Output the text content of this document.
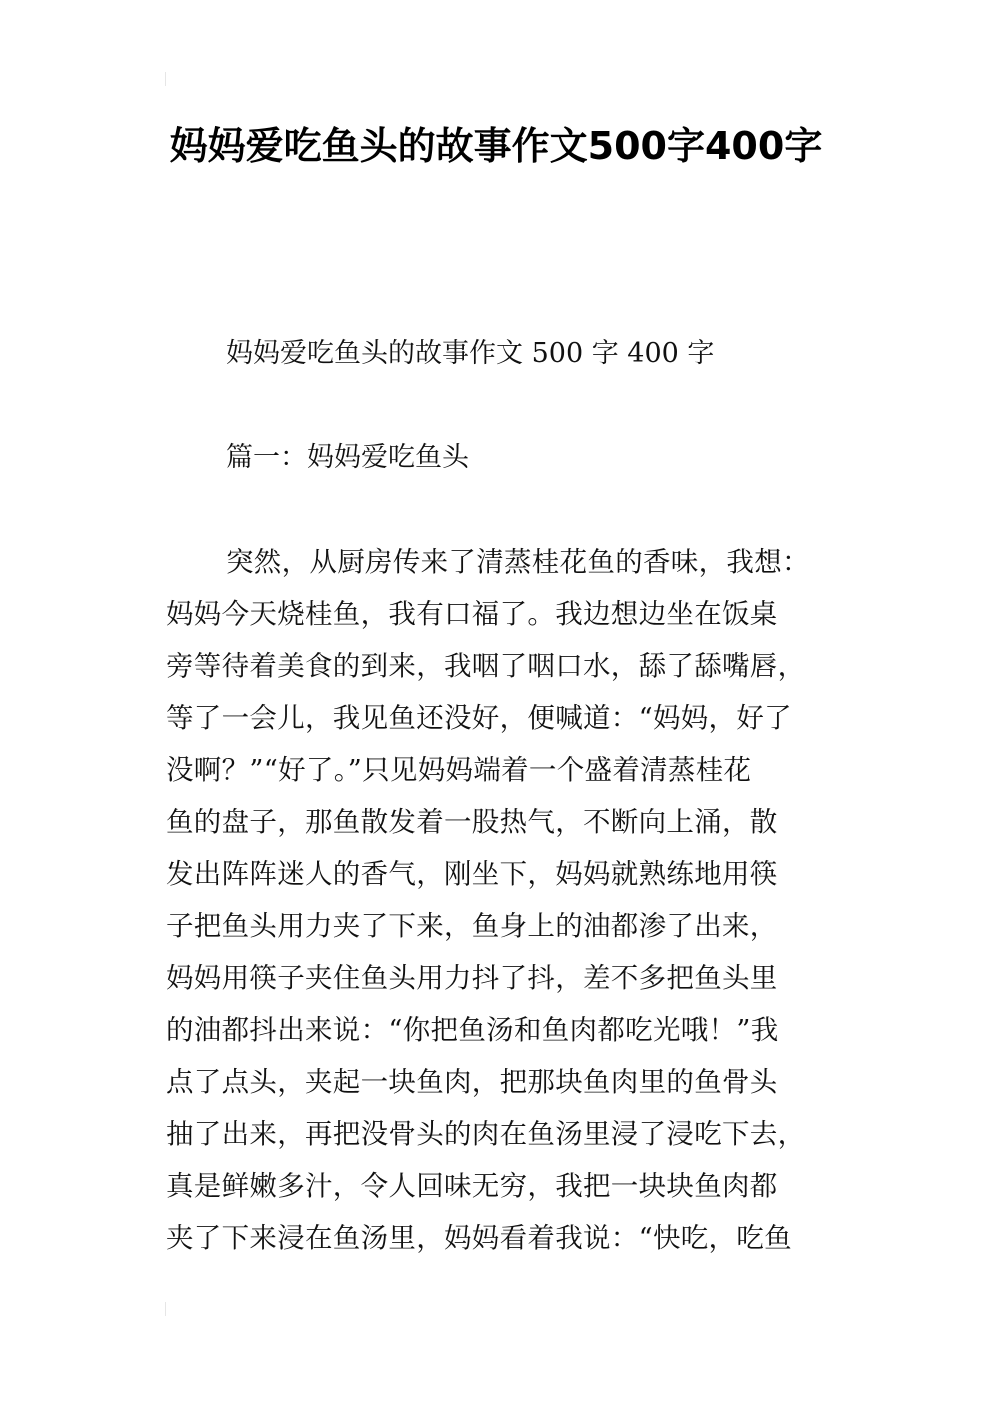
妈妈爱吃鱼头的故事作文500字400字
妈妈爱吃鱼头的故事作文 500 字 400 字
篇一：妈妈爱吃鱼头
突然，从厨房传来了清蒸桂花鱼的香味，我想：
妈妈今天烧桂鱼，我有口福了。我边想边坐在饭桌
旁等待着美食的到来，我咽了咽口水，舔了舔嘴唇，
等了一会儿，我见鱼还没好，便喊道：“妈妈，好了
没啊？”“好了。”只见妈妈端着一个盛着清蒸桂花
鱼的盘子，那鱼散发着一股热气，不断向上涌，散
发出阵阵迷人的香气，刚坐下，妈妈就熟练地用筷
子把鱼头用力夹了下来，鱼身上的油都渗了出来，
妈妈用筷子夹住鱼头用力抖了抖，差不多把鱼头里
的油都抖出来说：“你把鱼汤和鱼肉都吃光哦！”我
点了点头，夹起一块鱼肉，把那块鱼肉里的鱼骨头
抽了出来，再把没骨头的肉在鱼汤里浸了浸吃下去，
真是鲜嫩多汁，令人回味无穷，我把一块块鱼肉都
夹了下来浸在鱼汤里，妈妈看着我说：“快吃，吃鱼
